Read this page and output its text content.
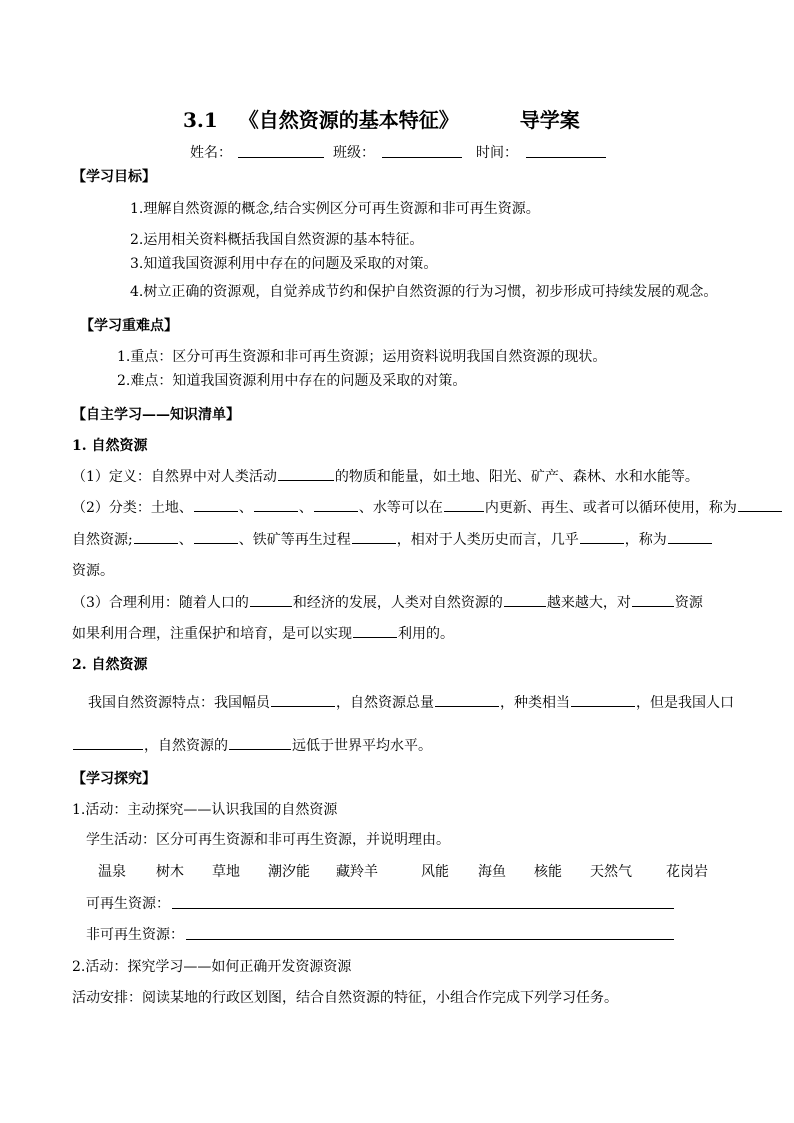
3.1 《自然资源的基本特征》	导学案
姓名：	班级：	时间：
【学习目标】
1.理解自然资源的概念,结合实例区分可再生资源和非可再生资源。
2.运用相关资料概括我国自然资源的基本特征。
3.知道我国资源利用中存在的问题及采取的对策。
4.树立正确的资源观，自觉养成节约和保护自然资源的行为习惯，初步形成可持续发展的观念。
【学习重难点】
1.重点：区分可再生资源和非可再生资源；运用资料说明我国自然资源的现状。
2.难点：知道我国资源利用中存在的问题及采取的对策。
【自主学习——知识清单】
1. 自然资源
（1）定义：自然界中对人类活动	的物质和能量，如土地、阳光、矿产、森林、水和水能等。
（2）分类：土地、	、	、	、水等可以在	内更新、再生、或者可以循环使用，称为
自然资源;	、	、铁矿等再生过程	，相对于人类历史而言，几乎	，称为
资源。
（3）合理利用：随着人口的	和经济的发展，人类对自然资源的	越来越大，对	资源
如果利用合理，注重保护和培育，是可以实现	利用的。
2. 自然资源
我国自然资源特点：我国幅员	，自然资源总量	，种类相当	，但是我国人口
，自然资源的	远低于世界平均水平。
【学习探究】
1.活动：主动探究——认识我国的自然资源
学生活动：区分可再生资源和非可再生资源，并说明理由。
温泉 树木 草地 潮汐能 藏羚羊	风能 海鱼 核能 天然气 花岗岩
可再生资源：
非可再生资源：
2.活动：探究学习——如何正确开发资源资源
活动安排：阅读某地的行政区划图，结合自然资源的特征，小组合作完成下列学习任务。
